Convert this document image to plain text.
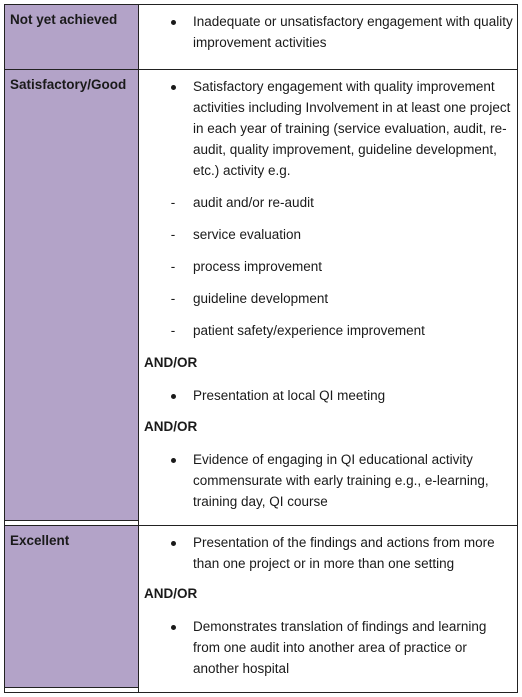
Not yet achieved	Inadequate or unsatisfactory engagement with quality improvement activities
Satisfactory/Good	Satisfactory engagement with quality improvement activities including Involvement in at least one project in each year of training (service evaluation, audit, re-audit, quality improvement, guideline development, etc.) activity e.g.
- audit and/or re-audit
- service evaluation
- process improvement
- guideline development
- patient safety/experience improvement
AND/OR
Presentation at local QI meeting
AND/OR
Evidence of engaging in QI educational activity commensurate with early training e.g., e-learning, training day, QI course
Excellent	Presentation of the findings and actions from more than one project or in more than one setting
AND/OR
Demonstrates translation of findings and learning from one audit into another area of practice or another hospital
